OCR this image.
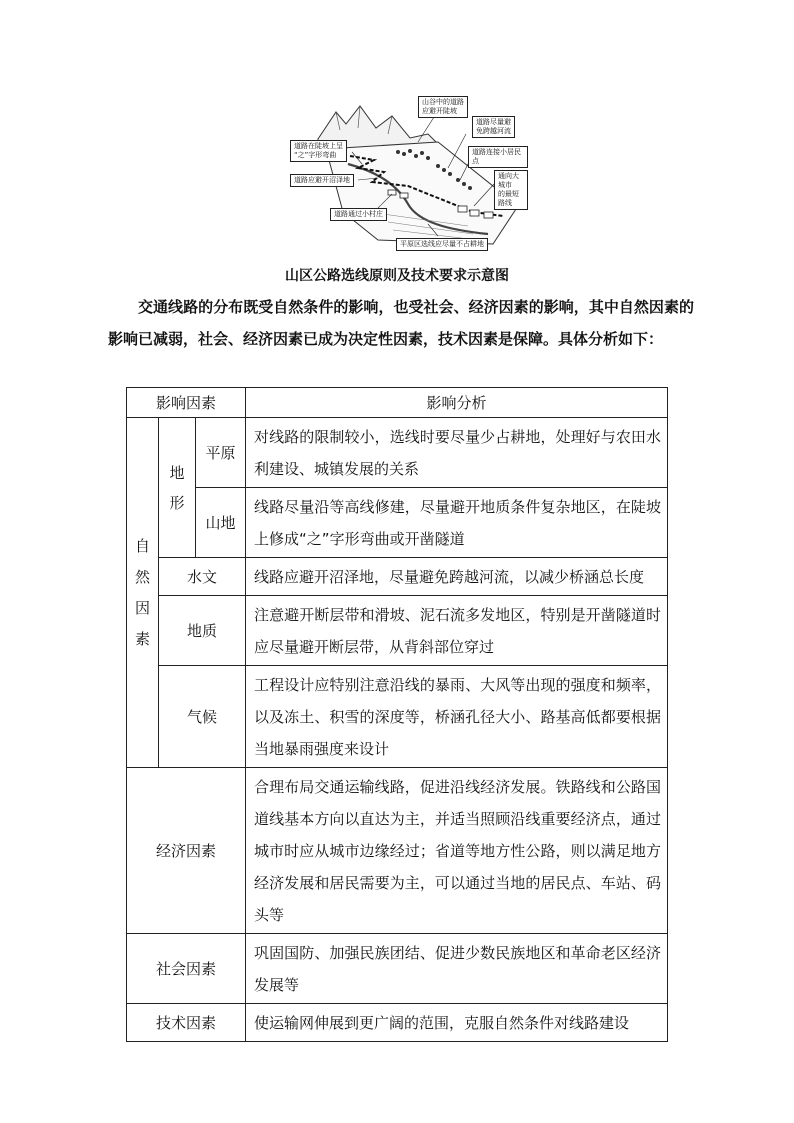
山谷中的道路
应避开陡坡
道路尽量避
免跨越河流
道路连接小居民点
道路在陡坡上呈
“之”字形弯曲
道路应避开沼泽地	通向大城市
的最短路线
道路通过小村庄
平原区选线应尽量不占耕地
山区公路选线原则及技术要求示意图

交通线路的分布既受自然条件的影响，也受社会、经济因素的影响，其中自然因素的影响已减弱，社会、经济因素已成为决定性因素，技术因素是保障。具体分析如下：

影响因素			影响分析
自然因素	地形	平原	对线路的限制较小，选线时要尽量少占耕地，处理好与农田水利建设、城镇发展的关系
		山地	线路尽量沿等高线修建，尽量避开地质条件复杂地区，在陡坡上修成“之”字形弯曲或开凿隧道
	水文		线路应避开沼泽地，尽量避免跨越河流，以减少桥涵总长度
	地质		注意避开断层带和滑坡、泥石流多发地区，特别是开凿隧道时应尽量避开断层带，从背斜部位穿过
	气候		工程设计应特别注意沿线的暴雨、大风等出现的强度和频率，以及冻土、积雪的深度等，桥涵孔径大小、路基高低都要根据当地暴雨强度来设计
经济因素			合理布局交通运输线路，促进沿线经济发展。铁路线和公路国道线基本方向以直达为主，并适当照顾沿线重要经济点，通过城市时应从城市边缘经过；省道等地方性公路，则以满足地方经济发展和居民需要为主，可以通过当地的居民点、车站、码头等
社会因素			巩固国防、加强民族团结、促进少数民族地区和革命老区经济发展等
技术因素			使运输网伸展到更广阔的范围，克服自然条件对线路建设
